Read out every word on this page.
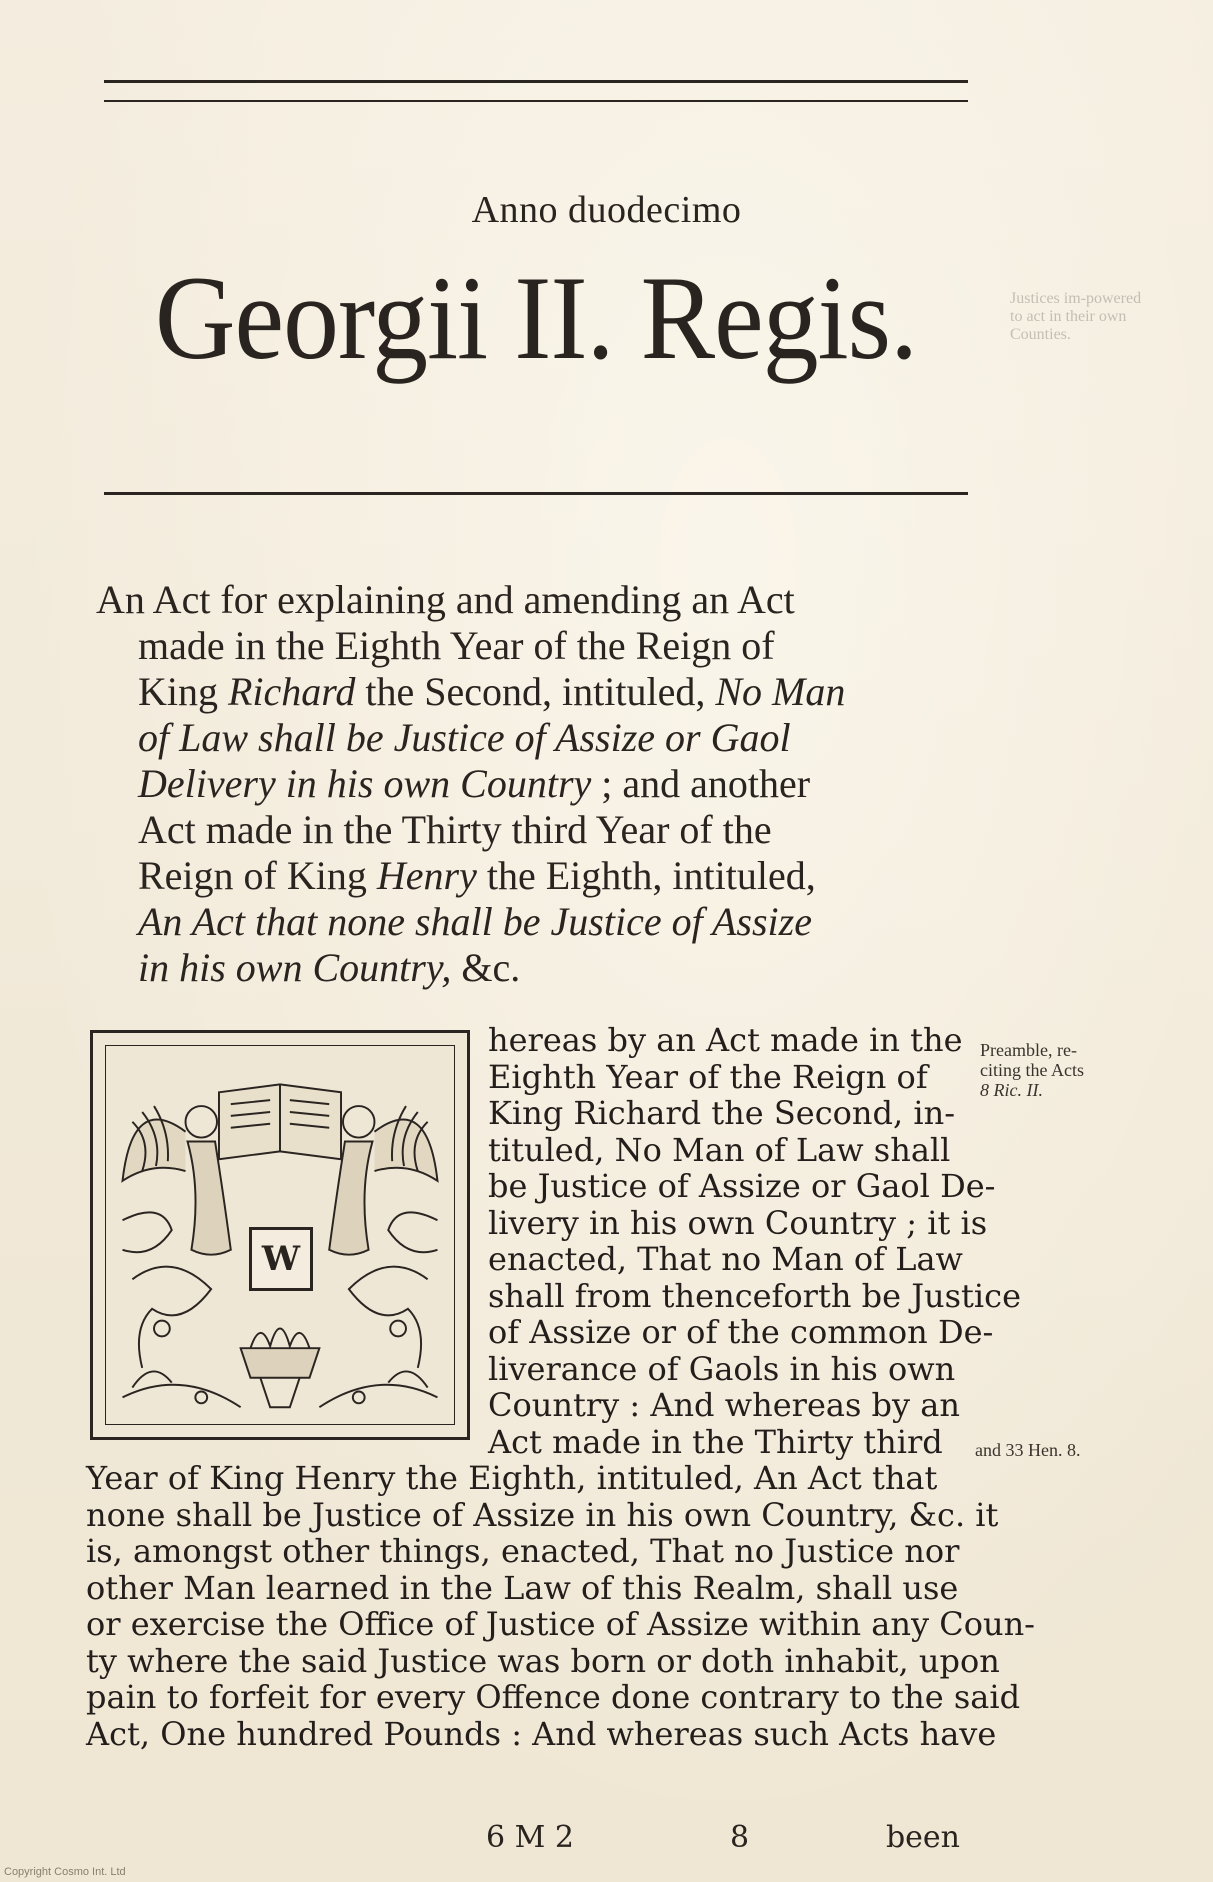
Anno duodecimo
Georgii II. Regis.
An Act for explaining and amending an Act
made in the Eighth Year of the Reign of
King Richard the Second, intituled, No Man
of Law shall be Justice of Assize or Gaol
Delivery in his own Country ; and another
Act made in the Thirty third Year of the
Reign of King Henry the Eighth, intituled,
An Act that none shall be Justice of Assize
in his own Country, &c.
Justices im-powered to act in their own Counties.
Preamble, re-
citing the Acts
8 Ric. II.
and 33 Hen. 8.
W
hereas by an Act made in the
Eighth Year of the Reign of
King Richard the Second, in-
tituled, No Man of Law shall
be Justice of Assize or Gaol De-
livery in his own Country ; it is
enacted, That no Man of Law
shall from thenceforth be Justice
of Assize or of the common De-
liverance of Gaols in his own
Country : And whereas by an
Act made in the Thirty third
Year of King Henry the Eighth, intituled, An Act that
none shall be Justice of Assize in his own Country, &c. it
is, amongst other things, enacted, That no Justice nor
other Man learned in the Law of this Realm, shall use
or exercise the Office of Justice of Assize within any Coun-
ty where the said Justice was born or doth inhabit, upon
pain to forfeit for every Offence done contrary to the said
Act, One hundred Pounds : And whereas such Acts have
6 M 2	8	been
Copyright Cosmo Int. Ltd
